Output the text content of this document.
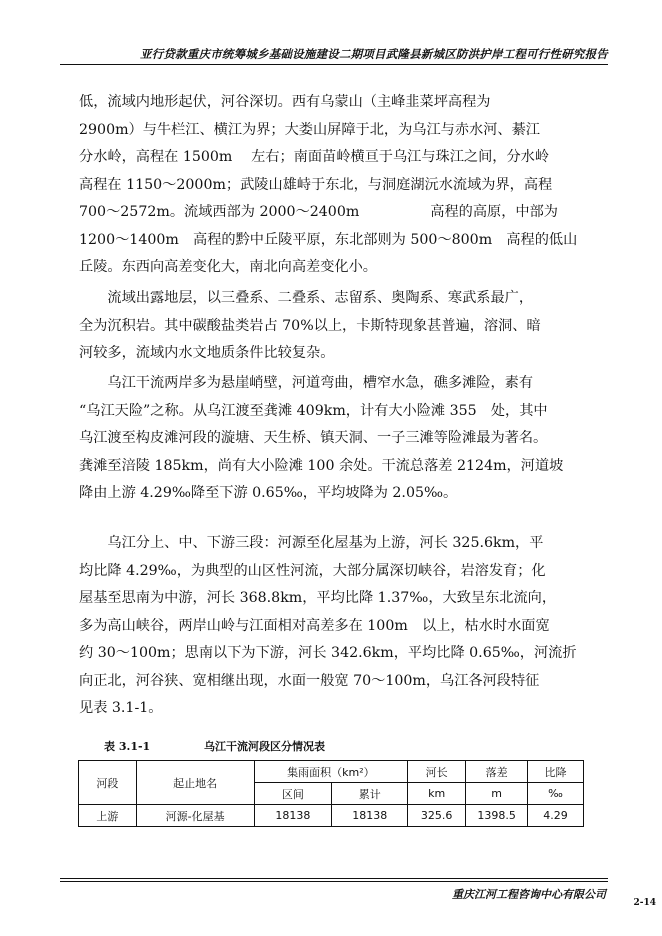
亚行贷款重庆市统筹城乡基础设施建设二期项目武隆县新城区防洪护岸工程可行性研究报告
低，流域内地形起伏，河谷深切。西有乌蒙山（主峰韭菜坪高程为
2900m）与牛栏江、横江为界；大娄山屏障于北，为乌江与赤水河、綦江
分水岭，高程在 1500m　 左右；南面苗岭横亘于乌江与珠江之间，分水岭
高程在 1150～2000m；武陵山雄峙于东北，与洞庭湖沅水流域为界，高程
700～2572m。流域西部为 2000～2400m　　　　　高程的高原，中部为
1200～1400m　高程的黔中丘陵平原，东北部则为 500～800m　高程的低山
丘陵。东西向高差变化大，南北向高差变化小。
　　流域出露地层，以三叠系、二叠系、志留系、奥陶系、寒武系最广，
全为沉积岩。其中碳酸盐类岩占 70%以上，卡斯特现象甚普遍，溶洞、暗
河较多，流域内水文地质条件比较复杂。
　　乌江干流两岸多为悬崖峭壁，河道弯曲，槽窄水急，礁多滩险，素有
“乌江天险”之称。从乌江渡至龚滩 409km，计有大小险滩 355　处，其中
乌江渡至构皮滩河段的漩塘、天生桥、镇天洞、一子三滩等险滩最为著名。
龚滩至涪陵 185km，尚有大小险滩 100 余处。干流总落差 2124m，河道坡
降由上游 4.29‰降至下游 0.65‰，平均坡降为 2.05‰。
　　乌江分上、中、下游三段：河源至化屋基为上游，河长 325.6km，平
均比降 4.29‰，为典型的山区性河流，大部分属深切峡谷，岩溶发育；化
屋基至思南为中游，河长 368.8km，平均比降 1.37‰，大致呈东北流向，
多为高山峡谷，两岸山岭与江面相对高差多在 100m　以上，枯水时水面宽
约 30～100m；思南以下为下游，河长 342.6km，平均比降 0.65‰，河流折
向正北，河谷狭、宽相继出现，水面一般宽 70～100m，乌江各河段特征
见表 3.1-1。
表 3.1-1	乌江干流河段区分情况表
河段	起止地名	集雨面积（km²）		河长	落差	比降
		区间	累计	km	m	‰
上游	河源-化屋基	18138	18138	325.6	1398.5	4.29
重庆江河工程咨询中心有限公司
2-14
